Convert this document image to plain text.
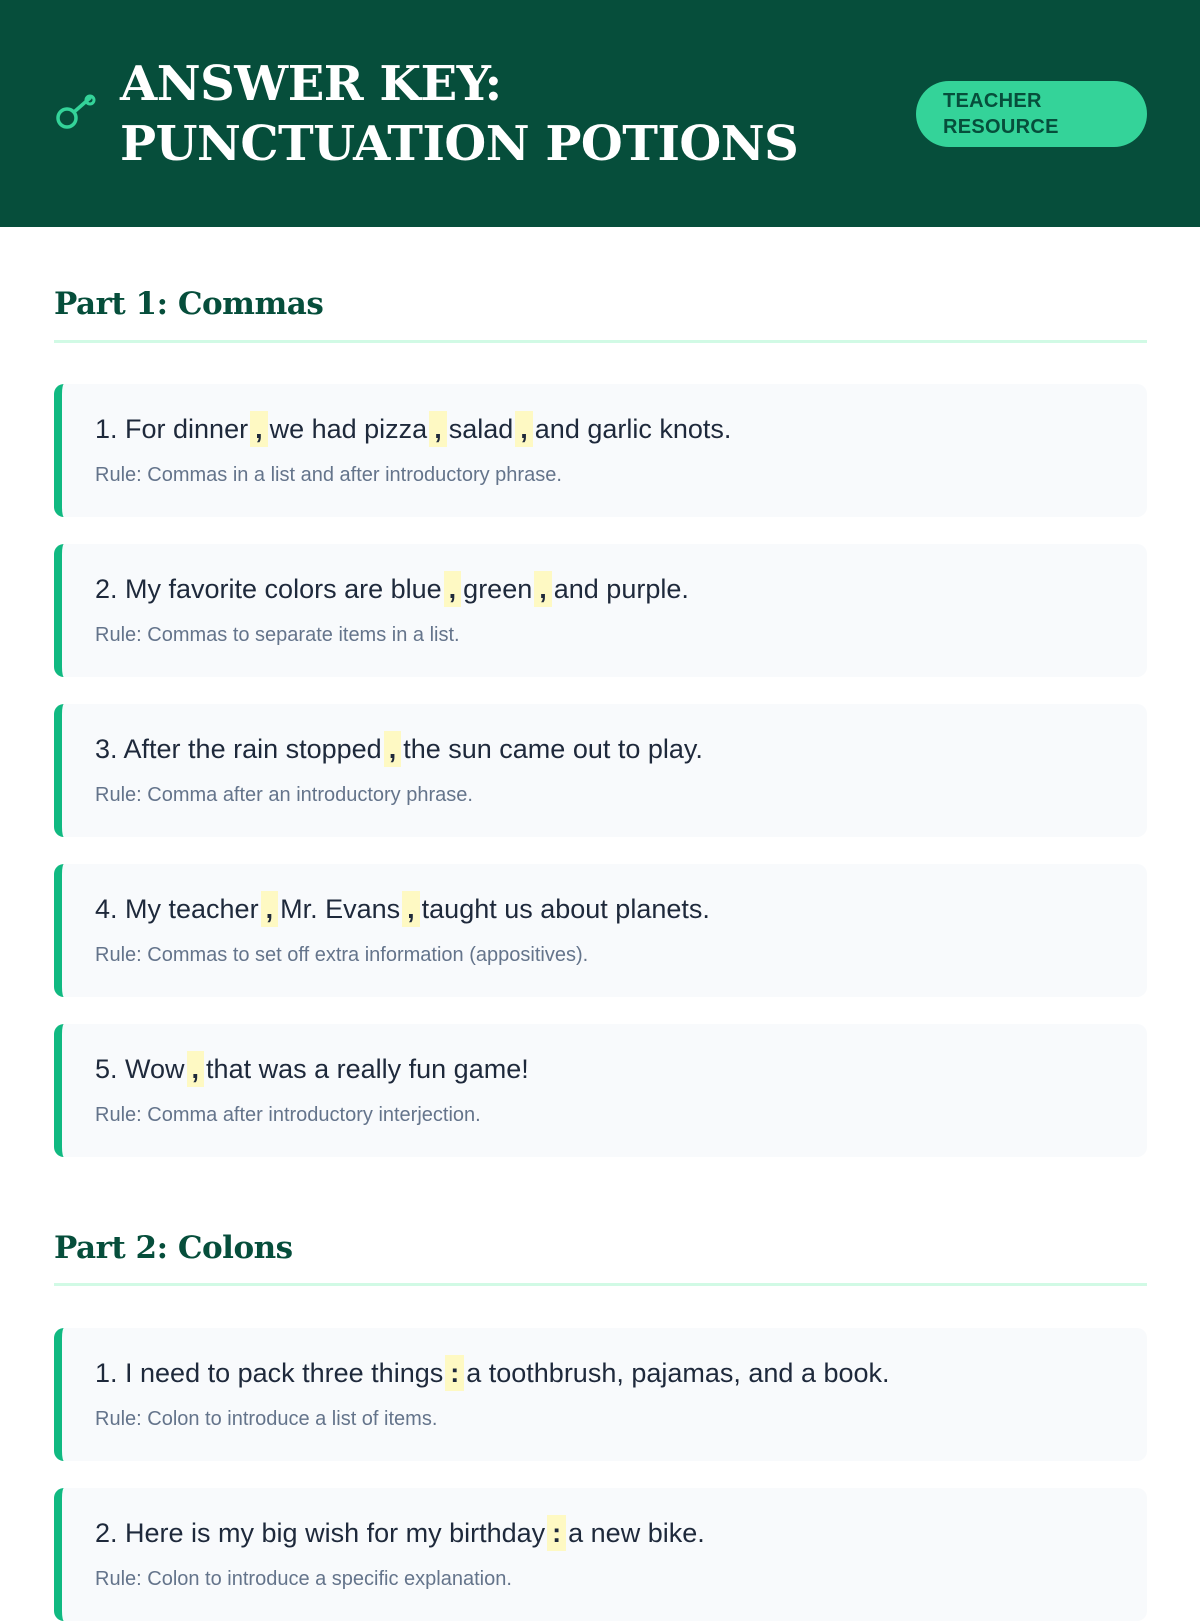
ANSWER KEY: PUNCTUATION POTIONS
TEACHER RESOURCE
Part 1: Commas
1. For dinner , we had pizza , salad , and garlic knots.
Rule: Commas in a list and after introductory phrase.
2. My favorite colors are blue , green , and purple.
Rule: Commas to separate items in a list.
3. After the rain stopped , the sun came out to play.
Rule: Comma after an introductory phrase.
4. My teacher , Mr. Evans , taught us about planets.
Rule: Commas to set off extra information (appositives).
5. Wow , that was a really fun game!
Rule: Comma after introductory interjection.
Part 2: Colons
1. I need to pack three things : a toothbrush, pajamas, and a book.
Rule: Colon to introduce a list of items.
2. Here is my big wish for my birthday : a new bike.
Rule: Colon to introduce a specific explanation.
